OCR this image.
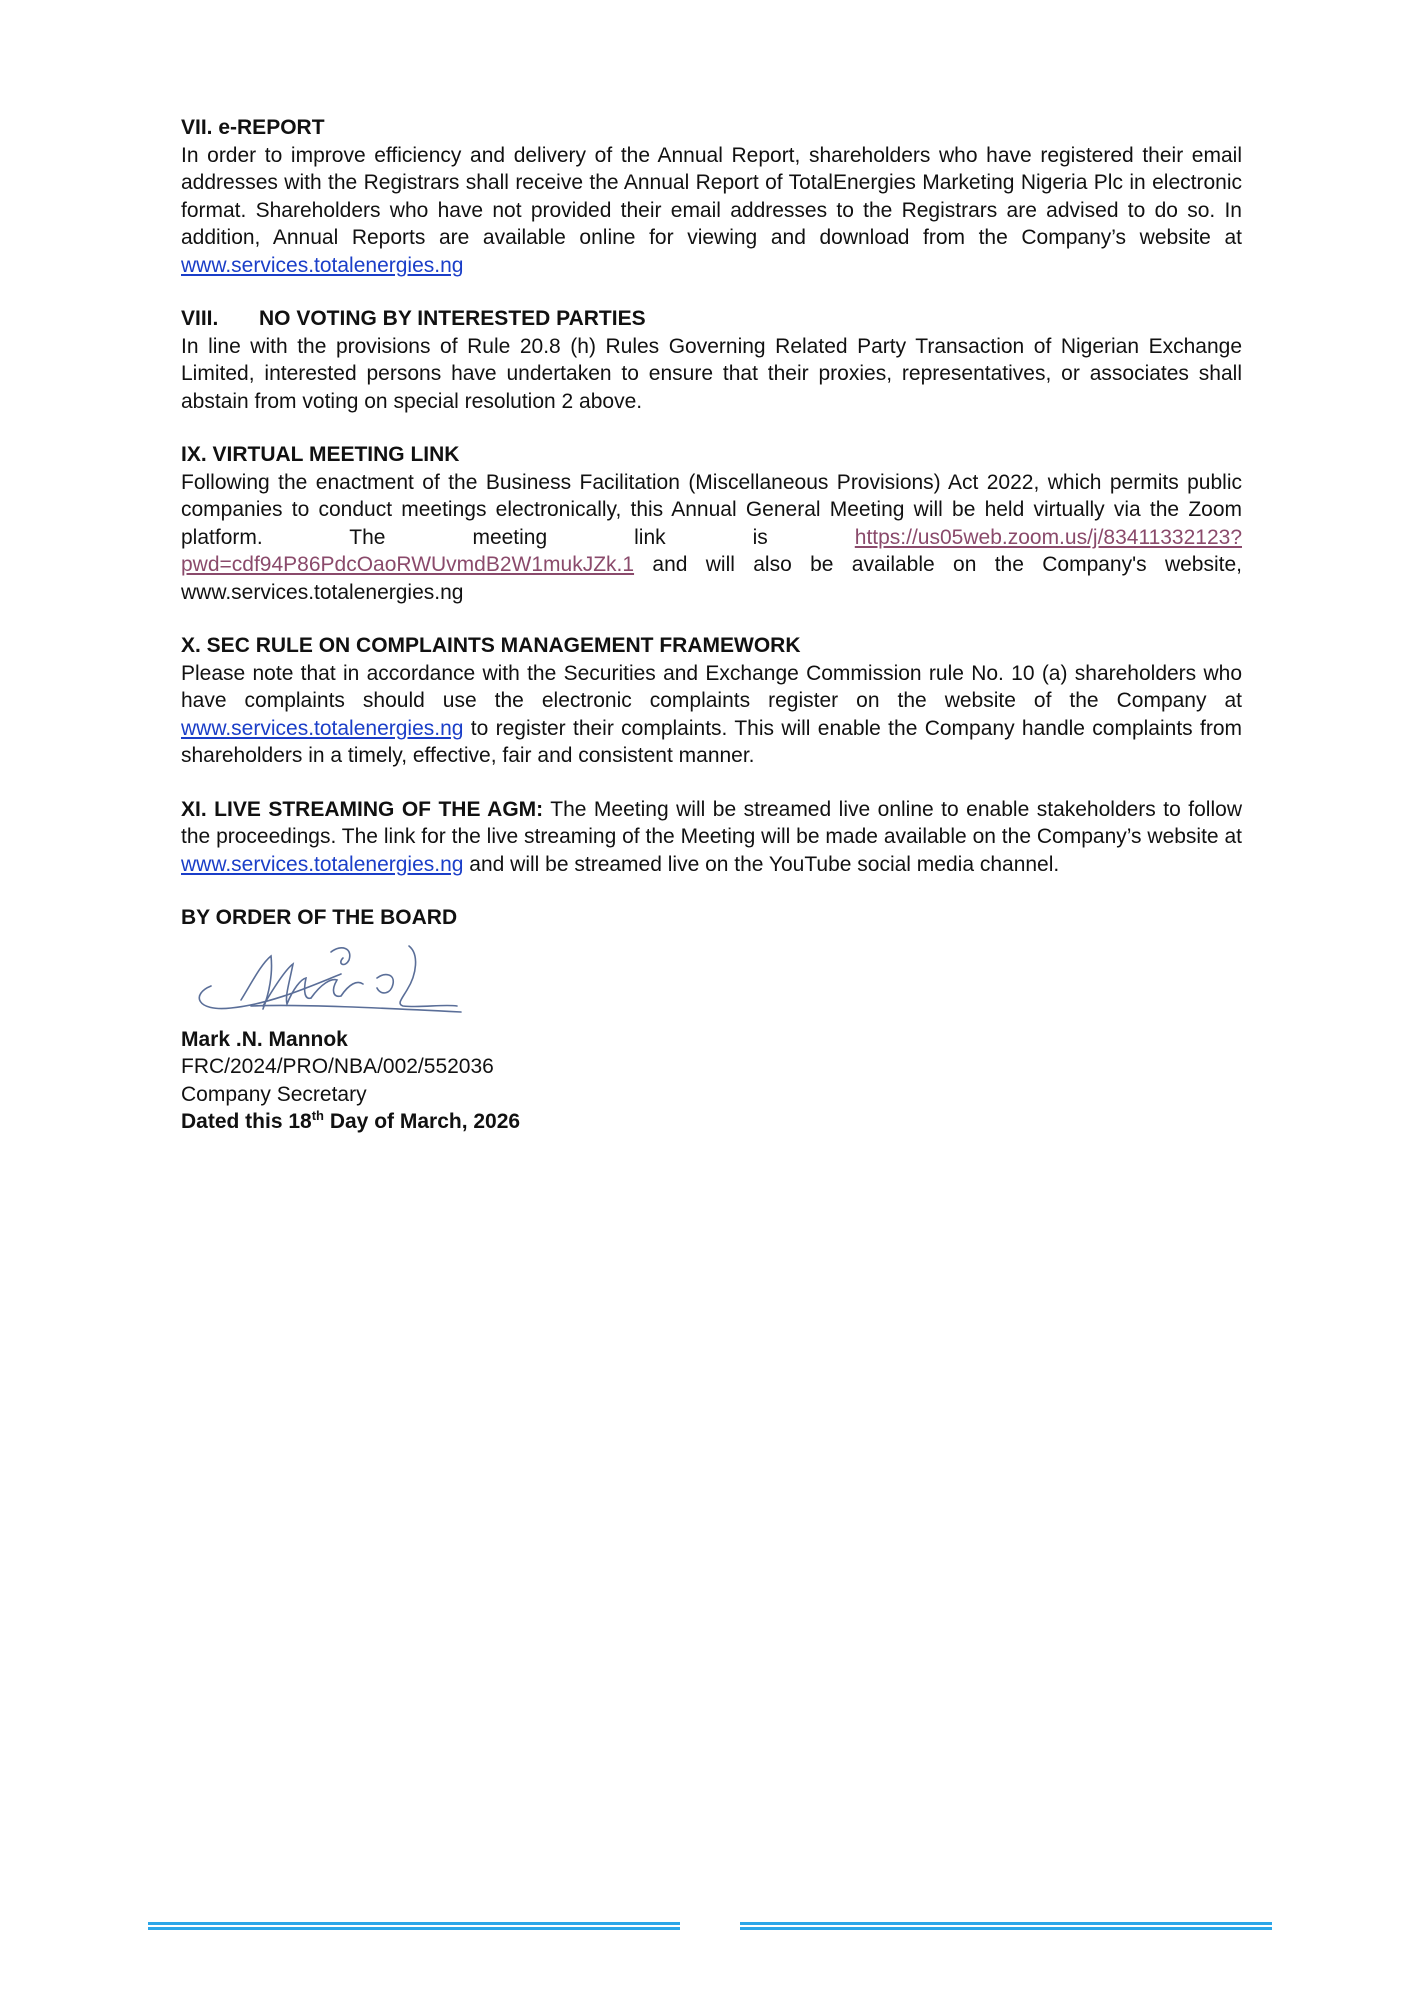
VII. e-REPORT

In order to improve efficiency and delivery of the Annual Report, shareholders who have registered their email addresses with the Registrars shall receive the Annual Report of TotalEnergies Marketing Nigeria Plc in electronic format. Shareholders who have not provided their email addresses to the Registrars are advised to do so. In addition, Annual Reports are available online for viewing and download from the Company’s website at www.services.totalenergies.ng

VIII. NO VOTING BY INTERESTED PARTIES

In line with the provisions of Rule 20.8 (h) Rules Governing Related Party Transaction of Nigerian Exchange Limited, interested persons have undertaken to ensure that their proxies, representatives, or associates shall abstain from voting on special resolution 2 above.

IX. VIRTUAL MEETING LINK

Following the enactment of the Business Facilitation (Miscellaneous Provisions) Act 2022, which permits public companies to conduct meetings electronically, this Annual General Meeting will be held virtually via the Zoom platform. The meeting link is https://us05web.zoom.us/j/83411332123?pwd=cdf94P86PdcOaoRWUvmdB2W1mukJZk.1 and will also be available on the Company's website, www.services.totalenergies.ng

X. SEC RULE ON COMPLAINTS MANAGEMENT FRAMEWORK

Please note that in accordance with the Securities and Exchange Commission rule No. 10 (a) shareholders who have complaints should use the electronic complaints register on the website of the Company at www.services.totalenergies.ng to register their complaints. This will enable the Company handle complaints from shareholders in a timely, effective, fair and consistent manner.

XI. LIVE STREAMING OF THE AGM: The Meeting will be streamed live online to enable stakeholders to follow the proceedings. The link for the live streaming of the Meeting will be made available on the Company’s website at www.services.totalenergies.ng and will be streamed live on the YouTube social media channel.

BY ORDER OF THE BOARD
Mark .N. Mannok
FRC/2024/PRO/NBA/002/552036
Company Secretary
Dated this 18th Day of March, 2026
